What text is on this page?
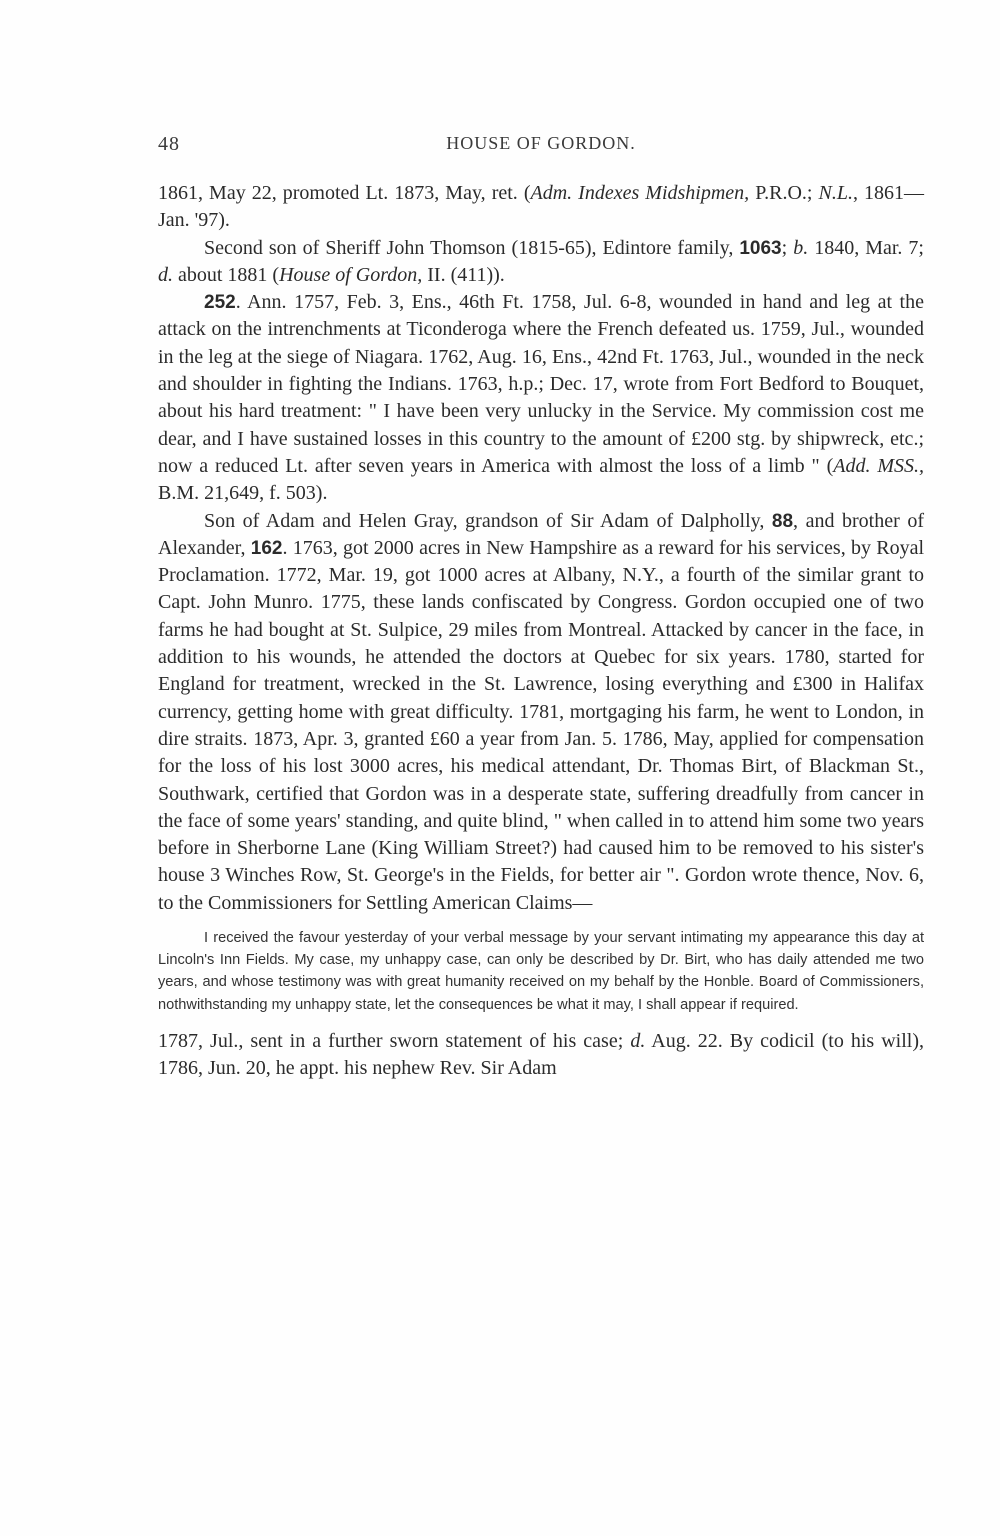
48	HOUSE OF GORDON.

1861, May 22, promoted Lt. 1873, May, ret. (Adm. Indexes Midshipmen, P.R.O.; N.L., 1861—Jan. '97).

Second son of Sheriff John Thomson (1815-65), Edintore family, 1063; b. 1840, Mar. 7; d. about 1881 (House of Gordon, II. (411)).

252. Ann. 1757, Feb. 3, Ens., 46th Ft. 1758, Jul. 6-8, wounded in hand and leg at the attack on the intrenchments at Ticonderoga where the French defeated us. 1759, Jul., wounded in the leg at the siege of Niagara. 1762, Aug. 16, Ens., 42nd Ft. 1763, Jul., wounded in the neck and shoulder in fighting the Indians. 1763, h.p.; Dec. 17, wrote from Fort Bedford to Bouquet, about his hard treatment: " I have been very unlucky in the Service. My commission cost me dear, and I have sustained losses in this country to the amount of £200 stg. by shipwreck, etc.; now a reduced Lt. after seven years in America with almost the loss of a limb " (Add. MSS., B.M. 21,649, f. 503).

Son of Adam and Helen Gray, grandson of Sir Adam of Dalpholly, 88, and brother of Alexander, 162. 1763, got 2000 acres in New Hampshire as a reward for his services, by Royal Proclamation. 1772, Mar. 19, got 1000 acres at Albany, N.Y., a fourth of the similar grant to Capt. John Munro. 1775, these lands confiscated by Congress. Gordon occupied one of two farms he had bought at St. Sulpice, 29 miles from Montreal. Attacked by cancer in the face, in addition to his wounds, he attended the doctors at Quebec for six years. 1780, started for England for treatment, wrecked in the St. Lawrence, losing everything and £300 in Halifax currency, getting home with great difficulty. 1781, mortgaging his farm, he went to London, in dire straits. 1873, Apr. 3, granted £60 a year from Jan. 5. 1786, May, applied for compensation for the loss of his lost 3000 acres, his medical attendant, Dr. Thomas Birt, of Blackman St., Southwark, certified that Gordon was in a desperate state, suffering dreadfully from cancer in the face of some years' standing, and quite blind, " when called in to attend him some two years before in Sherborne Lane (King William Street?) had caused him to be removed to his sister's house 3 Winches Row, St. George's in the Fields, for better air ". Gordon wrote thence, Nov. 6, to the Commissioners for Settling American Claims—

I received the favour yesterday of your verbal message by your servant intimating my appearance this day at Lincoln's Inn Fields. My case, my unhappy case, can only be described by Dr. Birt, who has daily attended me two years, and whose testimony was with great humanity received on my behalf by the Honble. Board of Commissioners, nothwithstanding my unhappy state, let the consequences be what it may, I shall appear if required.

1787, Jul., sent in a further sworn statement of his case; d. Aug. 22. By codicil (to his will), 1786, Jun. 20, he appt. his nephew Rev. Sir Adam
